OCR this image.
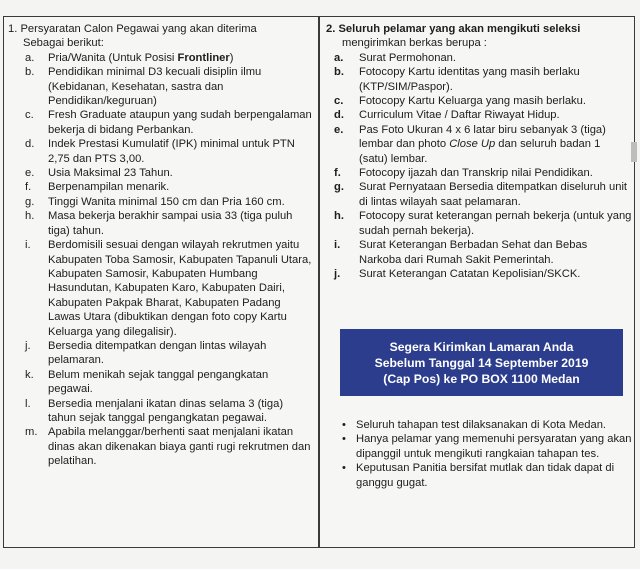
1. Persyaratan Calon Pegawai yang akan diterima
Sebagai berikut:
a.	Pria/Wanita (Untuk Posisi Frontliner)
b.	Pendidikan minimal D3 kecuali disiplin ilmu (Kebidanan, Kesehatan, sastra dan Pendidikan/keguruan)
c.	Fresh Graduate ataupun yang sudah berpengalaman bekerja di bidang Perbankan.
d.	Indek Prestasi Kumulatif (IPK) minimal untuk PTN 2,75 dan PTS 3,00.
e.	Usia Maksimal 23 Tahun.
f.	Berpenampilan menarik.
g.	Tinggi Wanita minimal 150 cm dan Pria 160 cm.
h.	Masa bekerja berakhir sampai usia 33 (tiga puluh tiga) tahun.
i.	Berdomisili sesuai dengan wilayah rekrutmen yaitu Kabupaten Toba Samosir, Kabupaten Tapanuli Utara, Kabupaten Samosir, Kabupaten Humbang Hasundutan, Kabupaten Karo, Kabupaten Dairi, Kabupaten Pakpak Bharat, Kabupaten Padang Lawas Utara (dibuktikan dengan foto copy Kartu Keluarga yang dilegalisir).
j.	Bersedia ditempatkan dengan lintas wilayah pelamaran.
k.	Belum menikah sejak tanggal pengangkatan pegawai.
l.	Bersedia menjalani ikatan dinas selama 3 (tiga) tahun sejak tanggal pengangkatan pegawai.
m. Apabila melanggar/berhenti saat menjalani ikatan dinas akan dikenakan biaya ganti rugi rekrutmen dan pelatihan.
2. Seluruh pelamar yang akan mengikuti seleksi
mengirimkan berkas berupa :
a.	Surat Permohonan.
b.	Fotocopy Kartu identitas yang masih berlaku (KTP/SIM/Paspor).
c.	Fotocopy Kartu Keluarga yang masih berlaku.
d.	Curriculum Vitae / Daftar Riwayat Hidup.
e.	Pas Foto Ukuran 4 x 6 latar biru sebanyak 3 (tiga) lembar dan photo Close Up dan seluruh badan 1 (satu) lembar.
f.	Fotocopy ijazah dan Transkrip nilai Pendidikan.
g.	Surat Pernyataan Bersedia ditempatkan diseluruh unit di lintas wilayah saat pelamaran.
h.	Fotocopy surat keterangan pernah bekerja (untuk yang sudah pernah bekerja).
i.	Surat Keterangan Berbadan Sehat dan Bebas Narkoba dari Rumah Sakit Pemerintah.
j.	Surat Keterangan Catatan Kepolisian/SKCK.
Segera Kirimkan Lamaran Anda
Sebelum Tanggal 14 September 2019
(Cap Pos) ke PO BOX 1100 Medan
• Seluruh tahapan test dilaksanakan di Kota Medan.
• Hanya pelamar yang memenuhi persyaratan yang akan dipanggil untuk mengikuti rangkaian tahapan tes.
• Keputusan Panitia bersifat mutlak dan tidak dapat di ganggu gugat.
